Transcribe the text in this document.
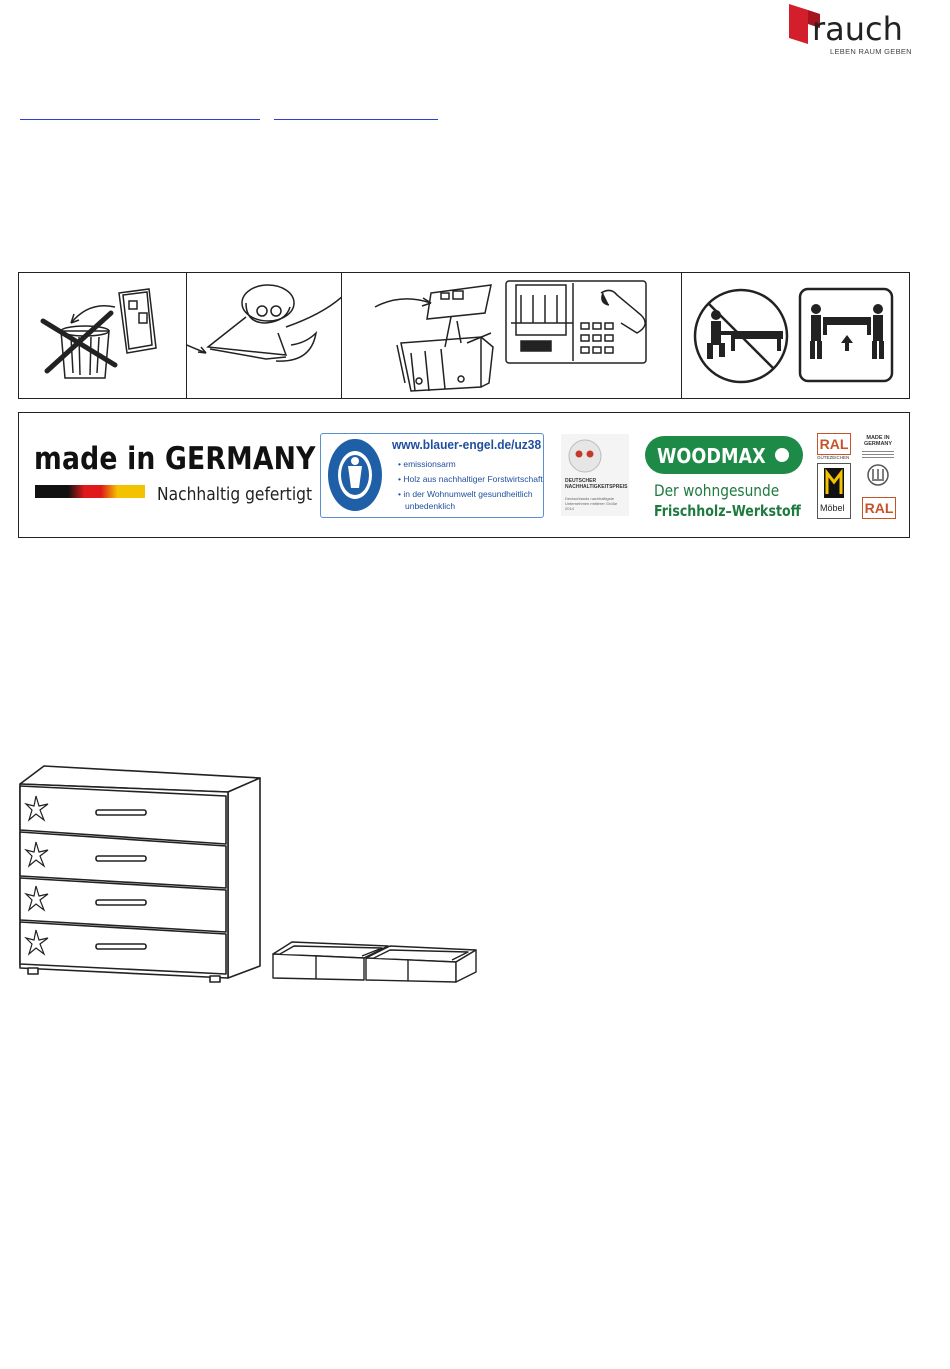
rauch
LEBEN RAUM GEBEN
made in GERMANY
Nachhaltig gefertigt
www.blauer-engel.de/uz38
• emissionsarm
• Holz aus nachhaltiger Forstwirtschaft
• in der Wohnumwelt gesundheitlich
unbedenklich
DEUTSCHER NACHHALTIGKEITSPREIS
Deutschlands nachhaltigste Unternehmen mittlerer Größe 2014
WOODMAX
Der wohngesunde
Frischholz–Werkstoff
RAL
GÜTEZEICHEN
Möbel
MADE IN GERMANY
RAL
